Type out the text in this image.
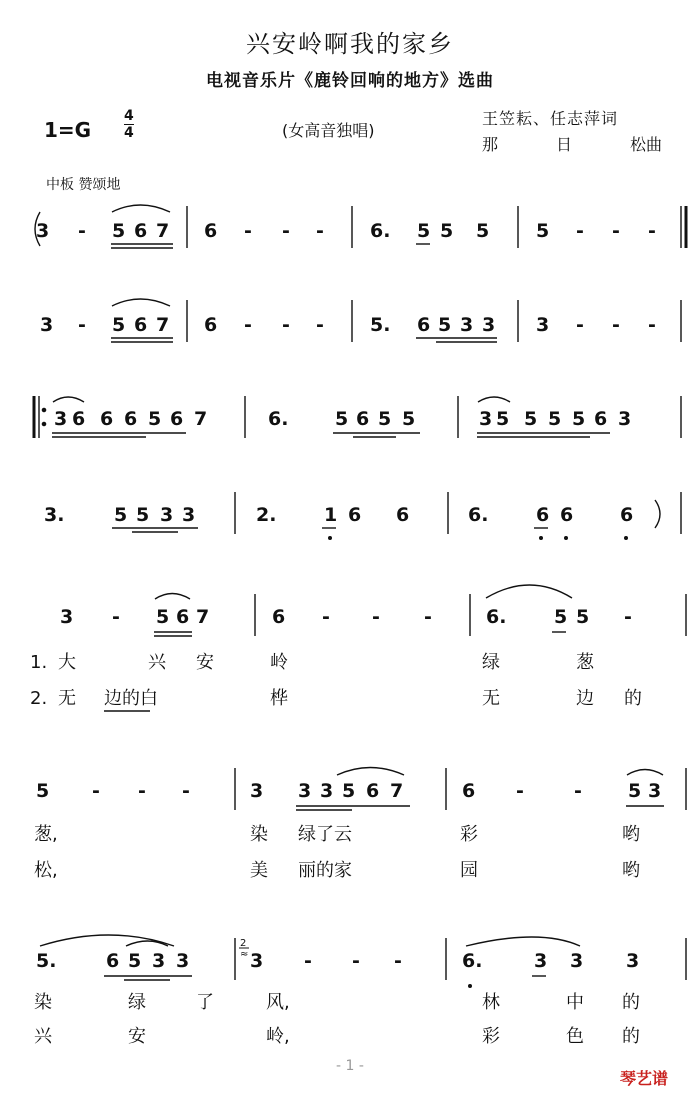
兴安岭啊我的家乡
电视音乐片《鹿铃回响的地方》选曲
1=G
4
4	(女高音独唱)
王笠耘、任志萍词
那	日	松曲
中板 赞颂地
3 - 5 6 7 6 - - - 6. 5 5 5 5 - - -
3 - 5 6 7 6 - - - 5. 6 5 3 3 3 - - -
3 6 6 6 5 6 7	6. 5 6 5 5	3 5 5 5 5 6 3
3.	5 5 3 3	2.	1 6 6	6.	6 6 6
3 - 5 6 7	6 - - -	6.	5 5 -
1. 大	兴 安	岭	绿	葱
2. 无 边的白	桦	无	边 的
5 - - -	3 3 3 5 6 7	6 -	- 5 3
葱,	染 绿了云	彩	哟
松,	美 丽的家	园	哟
5.	6 5 3 3	3 - - -	6.	3 3 3
2
≈
染	绿	了	风,	林	中 的
兴	安	岭,	彩	色 的
- 1 -
琴艺谱
